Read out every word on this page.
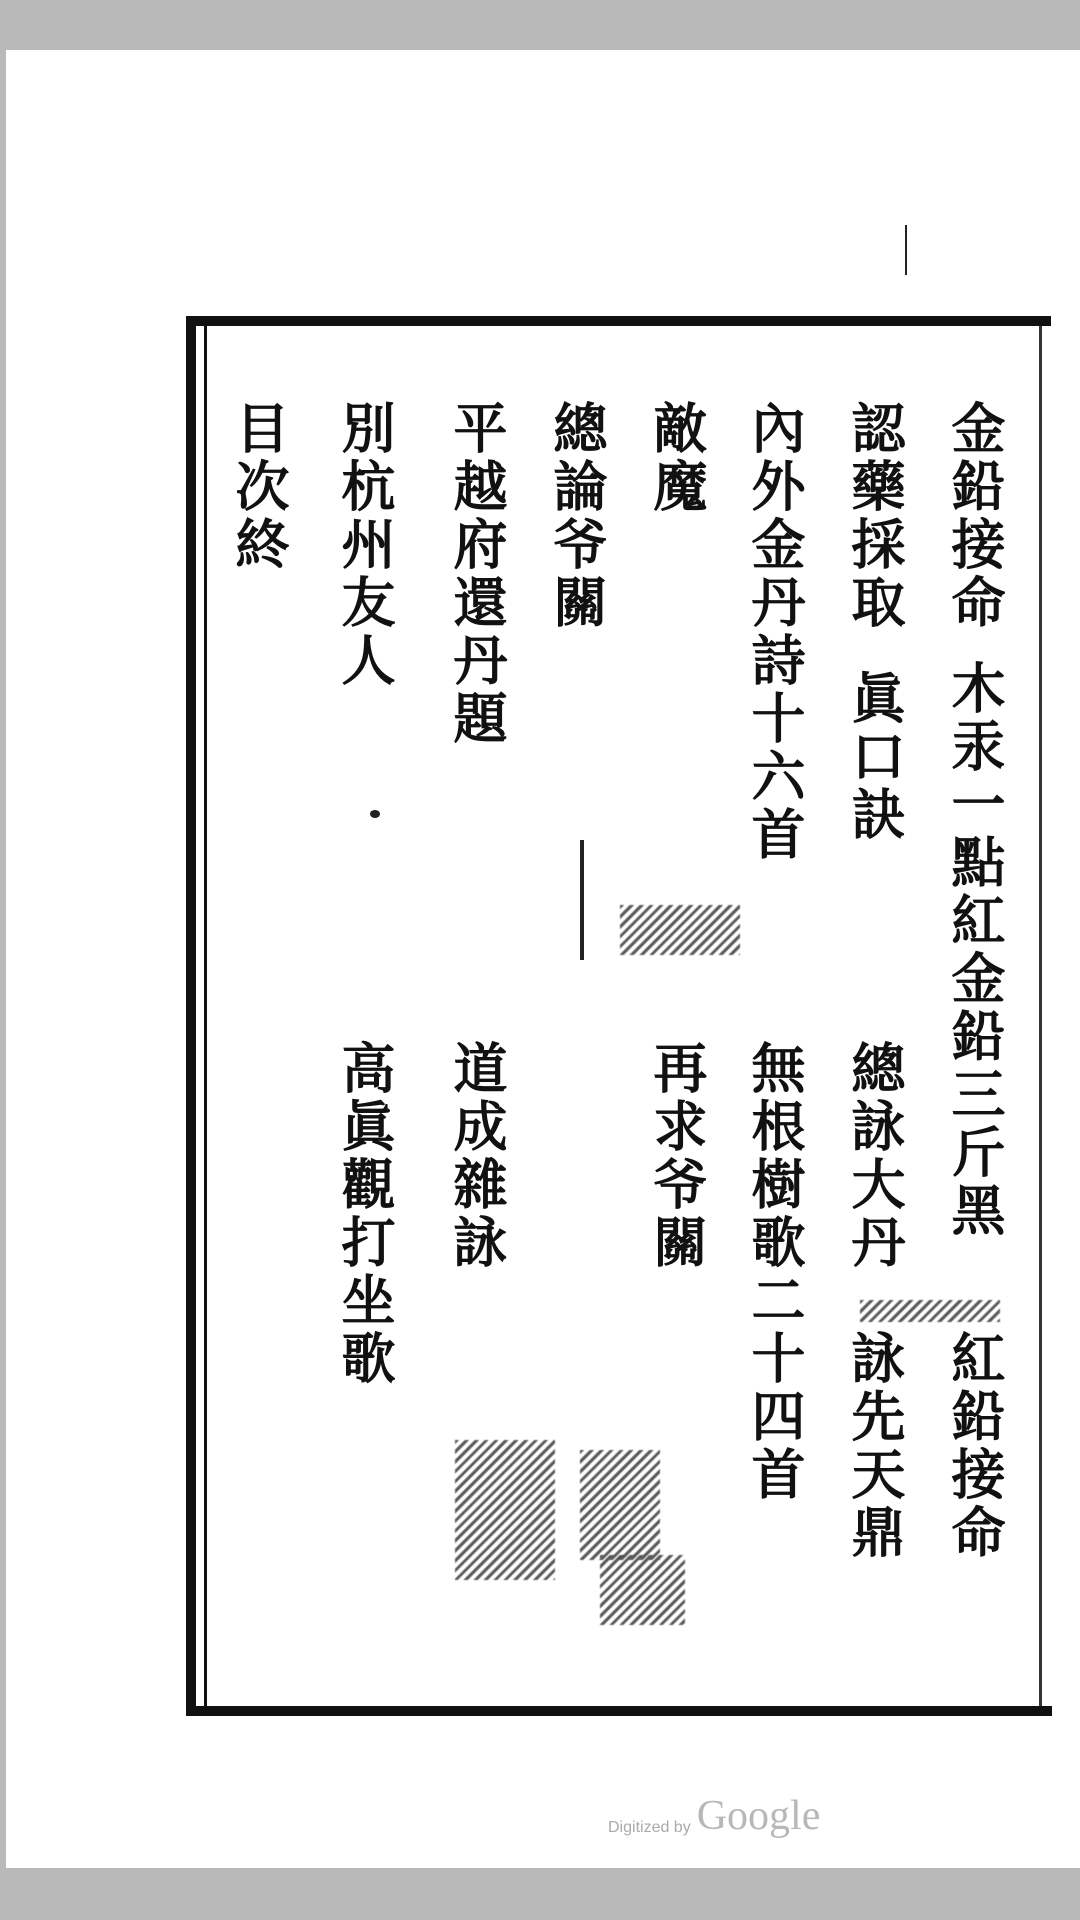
金鉛接命
木汞一點紅金鉛三斤黑
紅鉛接命
認藥採取
眞口訣
總詠大丹
詠先天鼎
內外金丹詩十六首
無根樹歌二十四首
敵魔
再求爷關
總論爷關
平越府還丹題
道成雜詠
別杭州友人
高眞觀打坐歌
目次終
Digitized by Google
